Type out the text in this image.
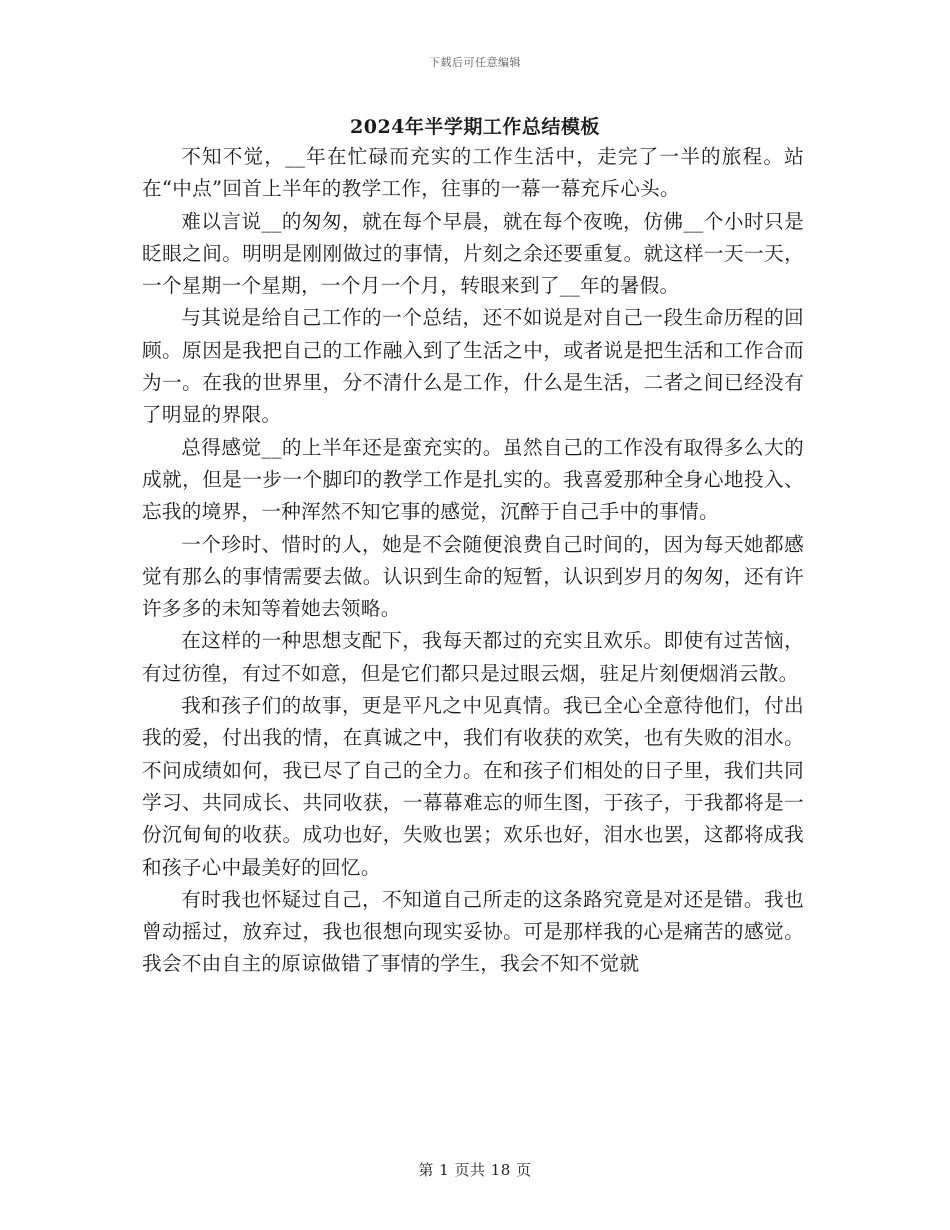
下载后可任意编辑
2024年半学期工作总结模板

不知不觉，__年在忙碌而充实的工作生活中，走完了一半的旅程。站在“中点”回首上半年的教学工作，往事的一幕一幕充斥心头。

难以言说__的匆匆，就在每个早晨，就在每个夜晚，仿佛__个小时只是眨眼之间。明明是刚刚做过的事情，片刻之余还要重复。就这样一天一天，一个星期一个星期，一个月一个月，转眼来到了__年的暑假。

与其说是给自己工作的一个总结，还不如说是对自己一段生命历程的回顾。原因是我把自己的工作融入到了生活之中，或者说是把生活和工作合而为一。在我的世界里，分不清什么是工作，什么是生活，二者之间已经没有了明显的界限。

总得感觉__的上半年还是蛮充实的。虽然自己的工作没有取得多么大的成就，但是一步一个脚印的教学工作是扎实的。我喜爱那种全身心地投入、忘我的境界，一种浑然不知它事的感觉，沉醉于自己手中的事情。

一个珍时、惜时的人，她是不会随便浪费自己时间的，因为每天她都感觉有那么的事情需要去做。认识到生命的短暂，认识到岁月的匆匆，还有许许多多的未知等着她去领略。

在这样的一种思想支配下，我每天都过的充实且欢乐。即使有过苦恼，有过彷徨，有过不如意，但是它们都只是过眼云烟，驻足片刻便烟消云散。

我和孩子们的故事，更是平凡之中见真情。我已全心全意待他们，付出我的爱，付出我的情，在真诚之中，我们有收获的欢笑，也有失败的泪水。不问成绩如何，我已尽了自己的全力。在和孩子们相处的日子里，我们共同学习、共同成长、共同收获，一幕幕难忘的师生图，于孩子，于我都将是一份沉甸甸的收获。成功也好，失败也罢；欢乐也好，泪水也罢，这都将成我和孩子心中最美好的回忆。

有时我也怀疑过自己，不知道自己所走的这条路究竟是对还是错。我也曾动摇过，放弃过，我也很想向现实妥协。可是那样我的心是痛苦的感觉。我会不由自主的原谅做错了事情的学生，我会不知不觉就

第 1 页共 18 页
